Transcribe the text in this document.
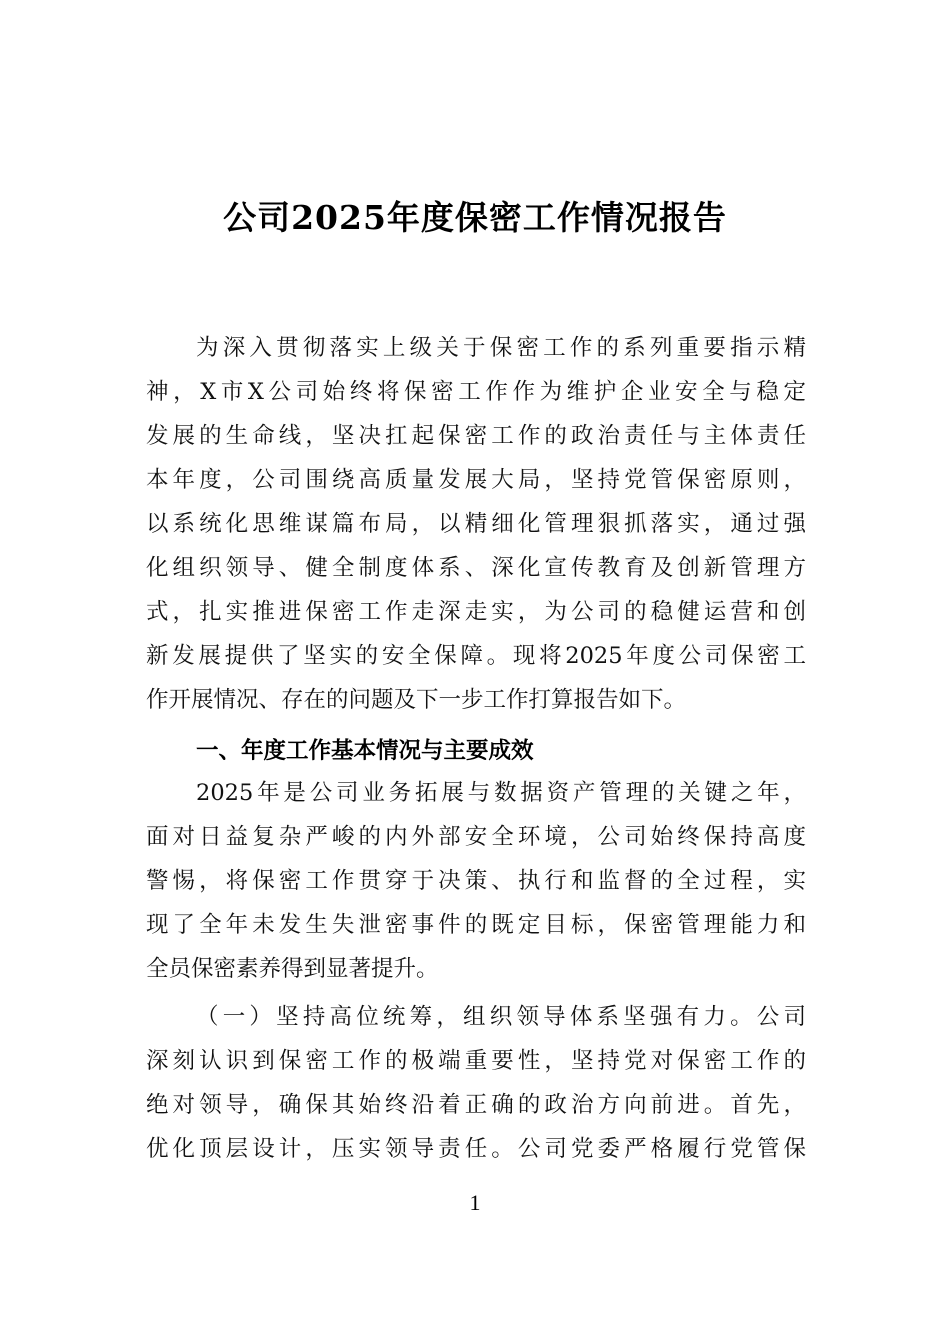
公司2025年度保密工作情况报告
为深入贯彻落实上级关于保密工作的系列重要指示精
神，X市X公司始终将保密工作作为维护企业安全与稳定
发展的生命线，坚决扛起保密工作的政治责任与主体责任
本年度，公司围绕高质量发展大局，坚持党管保密原则，
以系统化思维谋篇布局，以精细化管理狠抓落实，通过强
化组织领导、健全制度体系、深化宣传教育及创新管理方
式，扎实推进保密工作走深走实，为公司的稳健运营和创
新发展提供了坚实的安全保障。现将2025年度公司保密工
作开展情况、存在的问题及下一步工作打算报告如下。
一、年度工作基本情况与主要成效
2025年是公司业务拓展与数据资产管理的关键之年，
面对日益复杂严峻的内外部安全环境，公司始终保持高度
警惕，将保密工作贯穿于决策、执行和监督的全过程，实
现了全年未发生失泄密事件的既定目标，保密管理能力和
全员保密素养得到显著提升。
（一）坚持高位统筹，组织领导体系坚强有力。公司
深刻认识到保密工作的极端重要性，坚持党对保密工作的
绝对领导，确保其始终沿着正确的政治方向前进。首先，
优化顶层设计，压实领导责任。公司党委严格履行党管保
1
